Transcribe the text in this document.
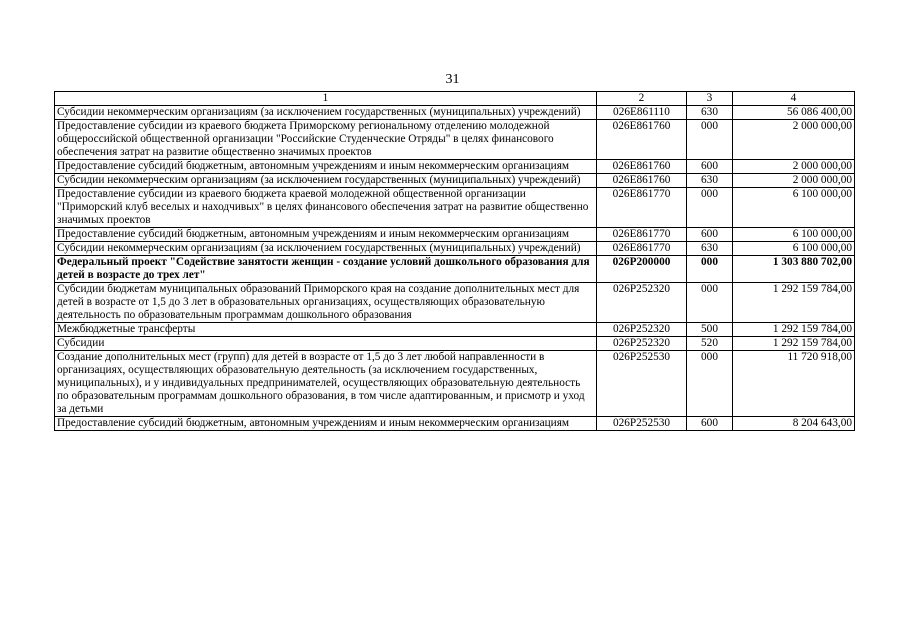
31
1	2	3	4
Субсидии некоммерческим организациям (за исключением государственных (муниципальных) учреждений)	026E861110	630	56 086 400,00
Предоставление субсидии из краевого бюджета Приморскому региональному отделению молодежной общероссийской общественной организации "Российские Студенческие Отряды" в целях финансового обеспечения затрат на развитие общественно значимых проектов	026E861760	000	2 000 000,00
Предоставление субсидий бюджетным, автономным учреждениям и иным некоммерческим организациям	026E861760	600	2 000 000,00
Субсидии некоммерческим организациям (за исключением государственных (муниципальных) учреждений)	026E861760	630	2 000 000,00
Предоставление субсидии из краевого бюджета краевой молодежной общественной организации "Приморский клуб веселых и находчивых" в целях финансового обеспечения затрат на развитие общественно значимых проектов	026E861770	000	6 100 000,00
Предоставление субсидий бюджетным, автономным учреждениям и иным некоммерческим организациям	026E861770	600	6 100 000,00
Субсидии некоммерческим организациям (за исключением государственных (муниципальных) учреждений)	026E861770	630	6 100 000,00
Федеральный проект "Содействие занятости женщин - создание условий дошкольного образования для детей в возрасте до трех лет"	026P200000	000	1 303 880 702,00
Субсидии бюджетам муниципальных образований Приморского края на создание дополнительных мест для детей в возрасте от 1,5 до 3 лет в образовательных организациях, осуществляющих образовательную деятельность по образовательным программам дошкольного образования	026P252320	000	1 292 159 784,00
Межбюджетные трансферты	026P252320	500	1 292 159 784,00
Субсидии	026P252320	520	1 292 159 784,00
Создание дополнительных мест (групп) для детей в возрасте от 1,5 до 3 лет любой направленности в организациях, осуществляющих образовательную деятельность (за исключением государственных, муниципальных), и у индивидуальных предпринимателей, осуществляющих образовательную деятельность по образовательным программам дошкольного образования, в том числе адаптированным, и присмотр и уход за детьми	026P252530	000	11 720 918,00
Предоставление субсидий бюджетным, автономным учреждениям и иным некоммерческим организациям	026P252530	600	8 204 643,00
